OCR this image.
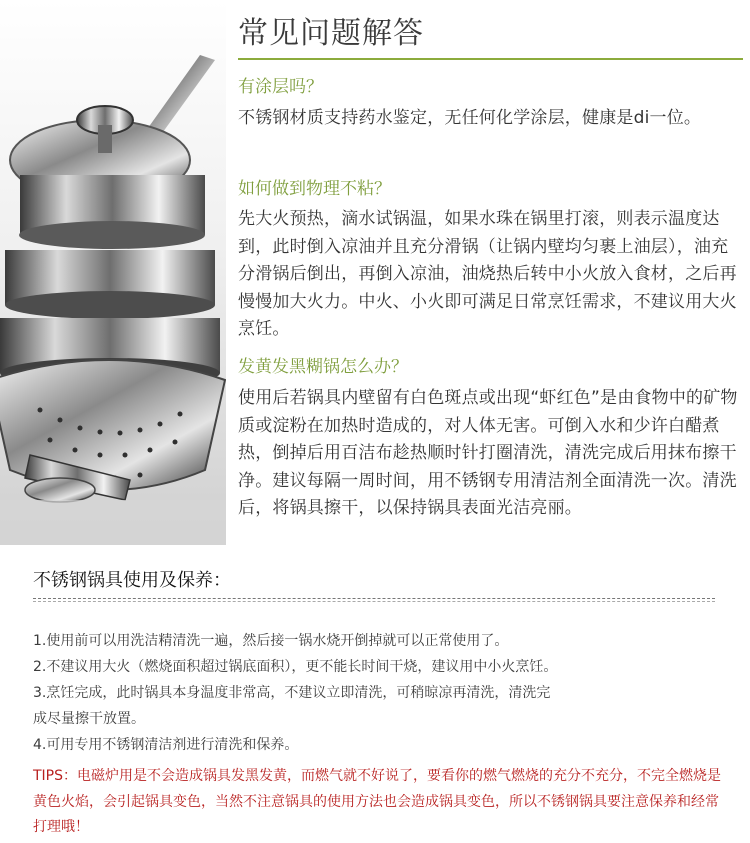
常见问题解答
有涂层吗？
不锈钢材质支持药水鉴定，无任何化学涂层，健康是di一位。
如何做到物理不粘？
先大火预热，滴水试锅温，如果水珠在锅里打滚，则表示温度达到，此时倒入凉油并且充分滑锅（让锅内壁均匀裹上油层），油充分滑锅后倒出，再倒入凉油，油烧热后转中小火放入食材，之后再慢慢加大火力。中火、小火即可满足日常烹饪需求，不建议用大火烹饪。
发黄发黑糊锅怎么办？
使用后若锅具内壁留有白色斑点或出现“虾红色”是由食物中的矿物质或淀粉在加热时造成的，对人体无害。可倒入水和少许白醋煮热，倒掉后用百洁布趁热顺时针打圈清洗，清洗完成后用抹布擦干净。建议每隔一周时间，用不锈钢专用清洁剂全面清洗一次。清洗后，将锅具擦干，以保持锅具表面光洁亮丽。
不锈钢锅具使用及保养：
1.使用前可以用洗洁精清洗一遍，然后接一锅水烧开倒掉就可以正常使用了。
2.不建议用大火（燃烧面积超过锅底面积），更不能长时间干烧，建议用中小火烹饪。
3.烹饪完成，此时锅具本身温度非常高，不建议立即清洗，可稍晾凉再清洗，清洗完
成尽量擦干放置。
4.可用专用不锈钢清洁剂进行清洗和保养。
TIPS：电磁炉用是不会造成锅具发黑发黄，而燃气就不好说了，要看你的燃气燃烧的充分不充分，不完全燃烧是黄色火焰，会引起锅具变色，当然不注意锅具的使用方法也会造成锅具变色，所以不锈钢锅具要注意保养和经常打理哦！
